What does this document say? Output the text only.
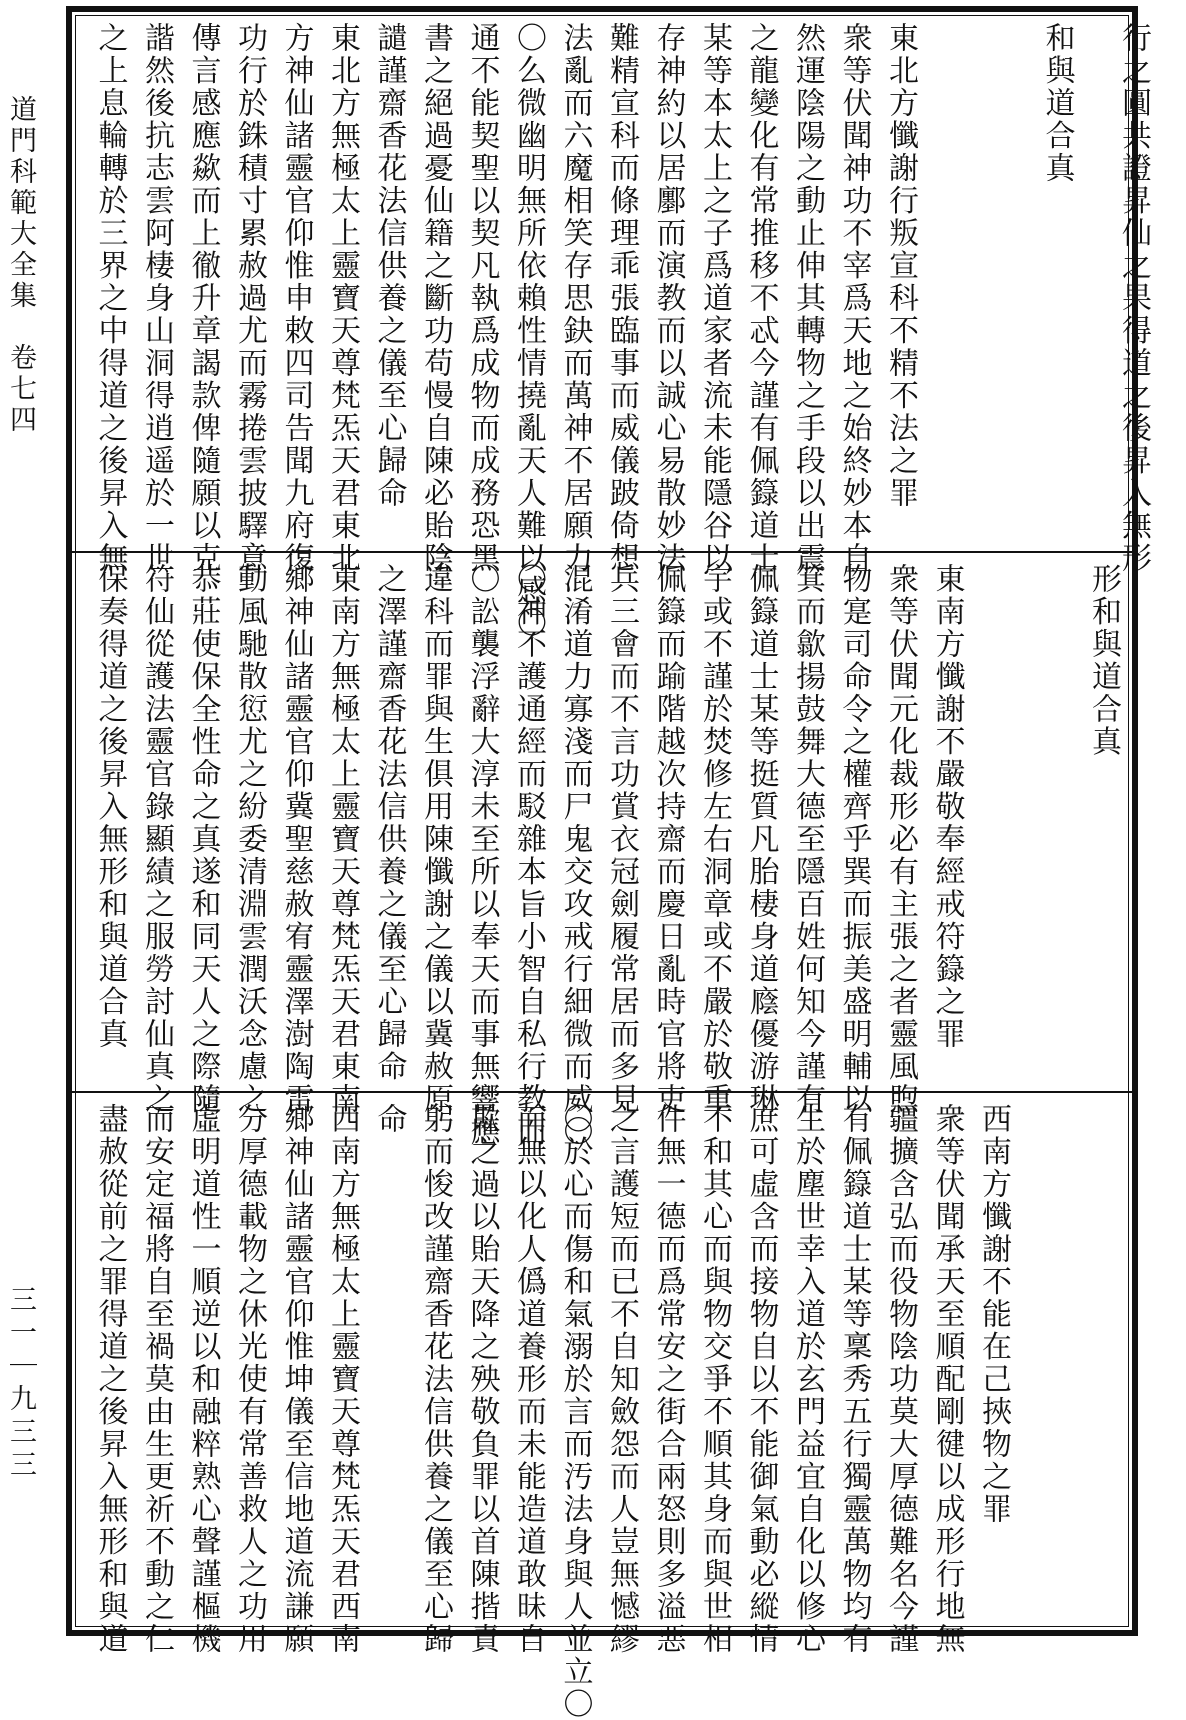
道門科範大全集　卷七四
三一｜九三三
行之圓共證昇仙之果得道之後昇入無形
和與道合真
東北方懺謝行叛宣科不精不法之罪
衆等伏聞神功不宰爲天地之始終妙本自
然運陰陽之動止伸其轉物之手段以出震
之龍變化有常推移不忒今謹有佩籙道士
某等本太上之子爲道家者流未能隱谷以
存神約以居鄽而演教而以誠心易散妙法
難精宣科而條理乖張臨事而威儀跛倚想
法亂而六魔相笑存思鈌而萬神不居願力
〇么微幽明無所依賴性情撓亂天人難以感〇
通不能契聖以契凡執爲成物而成務恐黑
書之絕過憂仙籍之斷功苟慢自陳必貽陰
譴謹齋香花法信供養之儀至心歸命
東北方無極太上靈寶天尊梵炁天君東北
方神仙諸靈官仰惟申敕四司告聞九府復
功行於銖積寸累赦過尤而霧捲雲披驛意
傳言感應歘而上徹升章謁款俾隨願以克
諧然後抗志雲阿棲身山洞得逍遥於一世
之上息輪轉於三界之中得道之後昇入無
形和與道合真
東南方懺謝不嚴敬奉經戒符籙之罪
衆等伏聞元化裁形必有主張之者靈風煦
物寔司命令之權齊乎巽而振美盛明輔以
箕而歙揚鼓舞大德至隱百姓何知今謹有
佩籙道士某等挺質凡胎棲身道廕優游琳
宇或不謹於焚修左右洞章或不嚴於敬重
佩籙而踰階越次持齋而慶日亂時官將吏
兵三會而不言功賞衣冠劍履常居而多見
混淆道力寡淺而尸鬼交攻戒行細微而威〇
〇神不護通經而駁雜本旨小智自私行教而
〇訟襲浮辭大淳未至所以奉天而事無響應
違科而罪與生俱用陳懺謝之儀以冀赦原
之澤謹齋香花法信供養之儀至心歸命
東南方無極太上靈寶天尊梵炁天君東南
鄉神仙諸靈官仰冀聖慈赦宥靈澤澍陶雷
動風馳散愆尤之紛委清淵雲潤沃念慮之
恭莊使保全性命之真遂和同天人之際隨
符仙從護法靈官錄顯績之服勞討仙真之
保奏得道之後昇入無形和與道合真
西南方懺謝不能在己挾物之罪
衆等伏聞承天至順配剛徤以成形行地無
疆擴含弘而役物陰功莫大厚德難名今謹
有佩籙道士某等稟秀五行獨靈萬物均有
生於塵世幸入道於玄門益宜自化以修心
庶可虛含而接物自以不能御氣動必縱情
不和其心而與物交爭不順其身而與世相
件無一德而爲常安之街合兩怒則多溢惡
之言護短而已不自知斂怨而人豈無憾繆
〇於心而傷和氣溺於言而汚法身與人並立〇
而無以化人僞道養形而未能造道敢昧自
欺之過以貽天降之殃敬負罪以首陳揩責
躬而悛改謹齋香花法信供養之儀至心歸
命
西南方無極太上靈寶天尊梵炁天君西南
鄉神仙諸靈官仰惟坤儀至信地道流謙願
分厚德載物之休光使有常善救人之功用
虛明道性一順逆以和融粹熟心聲謹樞機
而安定福將自至禍莫由生更祈不動之仁
盡赦從前之罪得道之後昇入無形和與道
